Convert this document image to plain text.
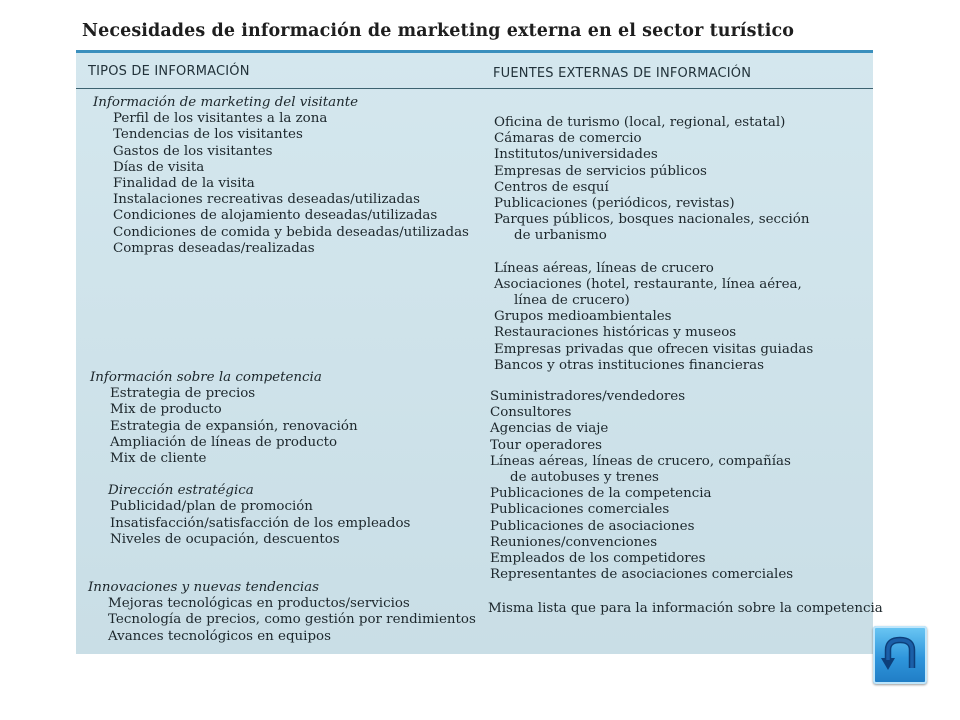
Necesidades de información de marketing externa en el sector turístico
TIPOS DE INFORMACIÓN	FUENTES EXTERNAS DE INFORMACIÓN
Información de marketing del visitante
Perfil de los visitantes a la zona
Tendencias de los visitantes
Gastos de los visitantes
Días de visita
Finalidad de la visita
Instalaciones recreativas deseadas/utilizadas
Condiciones de alojamiento deseadas/utilizadas
Condiciones de comida y bebida deseadas/utilizadas
Compras deseadas/realizadas
Información sobre la competencia
Estrategia de precios
Mix de producto
Estrategia de expansión, renovación
Ampliación de líneas de producto
Mix de cliente
Dirección estratégica
Publicidad/plan de promoción
Insatisfacción/satisfacción de los empleados
Niveles de ocupación, descuentos
Innovaciones y nuevas tendencias
Mejoras tecnológicas en productos/servicios
Tecnología de precios, como gestión por rendimientos
Avances tecnológicos en equipos
Oficina de turismo (local, regional, estatal)
Cámaras de comercio
Institutos/universidades
Empresas de servicios públicos
Centros de esquí
Publicaciones (periódicos, revistas)
Parques públicos, bosques nacionales, sección
de urbanismo
Líneas aéreas, líneas de crucero
Asociaciones (hotel, restaurante, línea aérea,
línea de crucero)
Grupos medioambientales
Restauraciones históricas y museos
Empresas privadas que ofrecen visitas guiadas
Bancos y otras instituciones financieras
Suministradores/vendedores
Consultores
Agencias de viaje
Tour operadores
Líneas aéreas, líneas de crucero, compañías
de autobuses y trenes
Publicaciones de la competencia
Publicaciones comerciales
Publicaciones de asociaciones
Reuniones/convenciones
Empleados de los competidores
Representantes de asociaciones comerciales
Misma lista que para la información sobre la competencia
